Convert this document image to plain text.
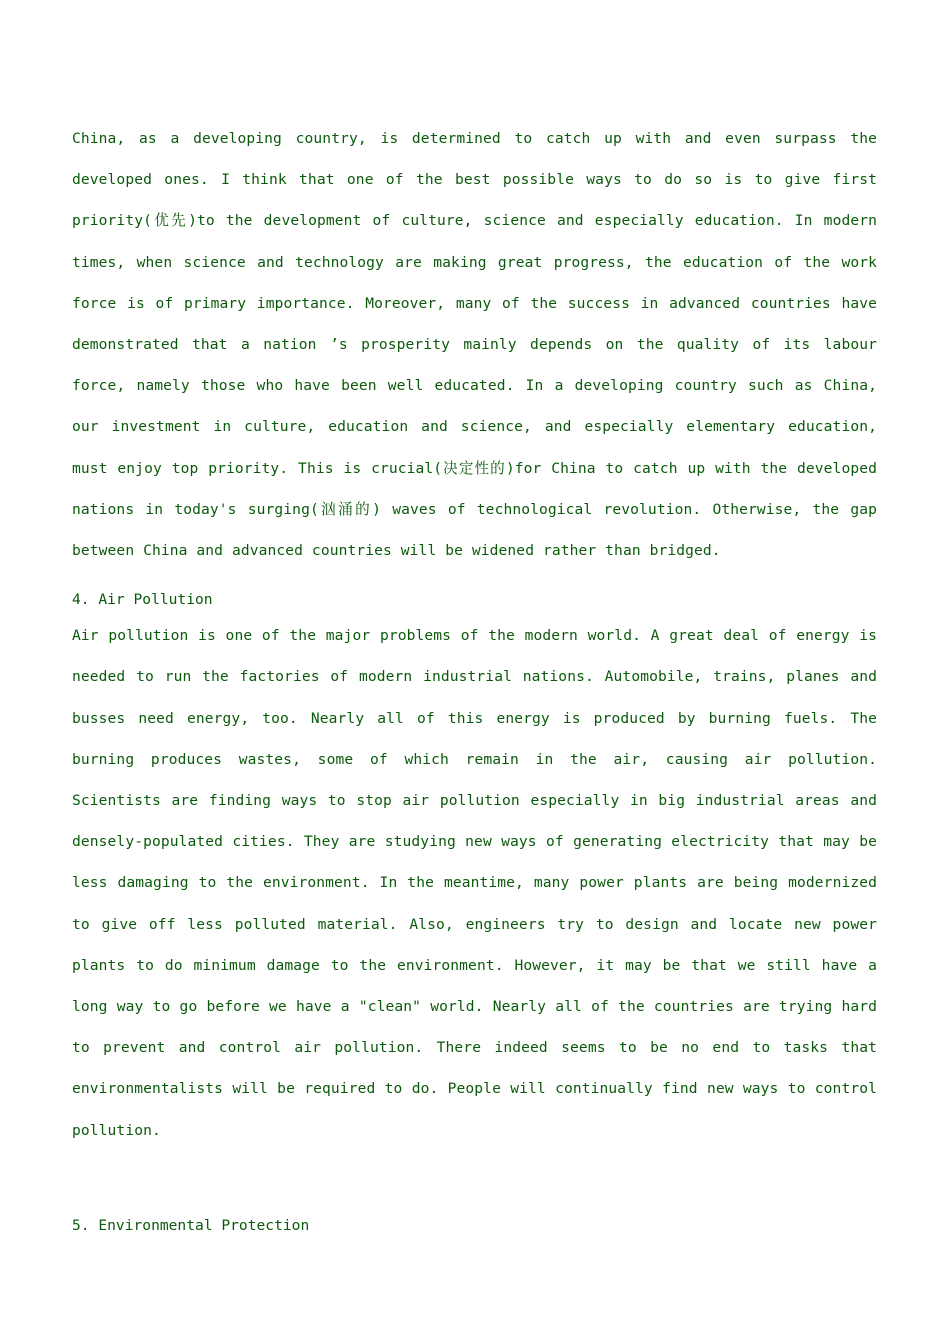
China, as a developing country, is determined to catch up with and even surpass the developed ones. I think that one of the best possible ways to do so is to give first priority(优先)to the development of culture, science and especially education. In modern times, when science and technology are making great progress, the education of the work force is of primary importance. Moreover, many of the success in advanced countries have demonstrated that a nation ’s prosperity mainly depends on the quality of its labour force, namely those who have been well educated. In a developing country such as China, our investment in culture, education and science, and especially elementary education, must enjoy top priority. This is crucial(决定性的)for China to catch up with the developed nations in today's surging(汹涌的) waves of technological revolution. Otherwise, the gap between China and advanced countries will be widened rather than bridged.

4. Air Pollution

Air pollution is one of the major problems of the modern world. A great deal of energy is needed to run the factories of modern industrial nations. Automobile, trains, planes and busses need energy, too. Nearly all of this energy is produced by burning fuels. The burning produces wastes, some of which remain in the air, causing air pollution. Scientists are finding ways to stop air pollution especially in big industrial areas and densely-populated cities. They are studying new ways of generating electricity that may be less damaging to the environment. In the meantime, many power plants are being modernized to give off less polluted material. Also, engineers try to design and locate new power plants to do minimum damage to the environment. However, it may be that we still have a long way to go before we have a "clean" world. Nearly all of the countries are trying hard to prevent and control air pollution. There indeed seems to be no end to tasks that environmentalists will be required to do. People will continually find new ways to control pollution.

5. Environmental Protection
